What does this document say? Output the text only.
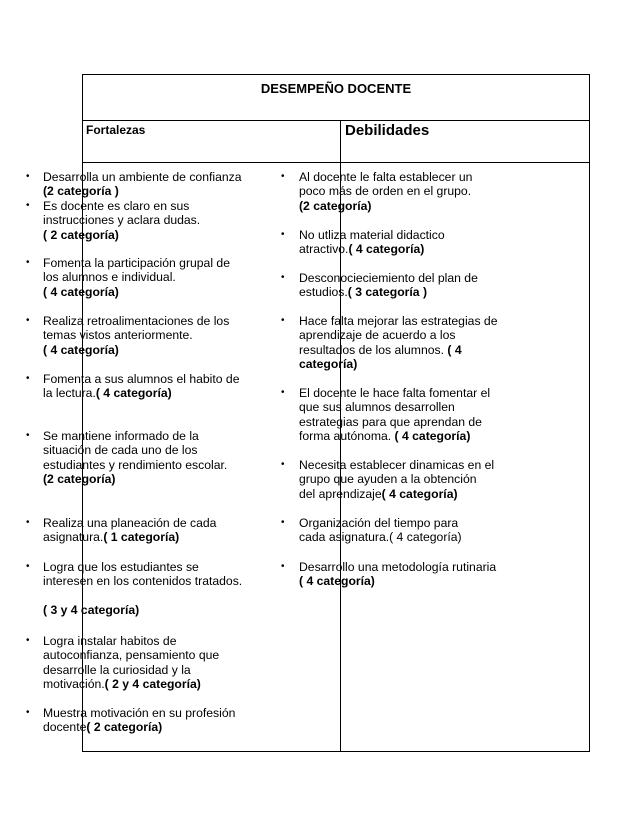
DESEMPEÑO DOCENTE
Fortalezas	Debilidades
• Desarrolla un ambiente de confianza
(2 categoría )
• Es docente es claro en sus
instrucciones y aclara dudas.
( 2 categoría)
• Fomenta la participación grupal de
los alumnos e individual.
( 4 categoría)
• Realiza retroalimentaciones de los
temas vistos anteriormente.
( 4 categoría)
• Fomenta a sus alumnos el habito de
la lectura.( 4 categoría)
• Se mantiene informado de la
situación de cada uno de los
estudiantes y rendimiento escolar.
(2 categoría)
• Realiza una planeación de cada
asignatura.( 1 categoría)
• Logra que los estudiantes se
interesen en los contenidos tratados.
( 3 y 4 categoría)
• Logra instalar habitos de
autoconfianza, pensamiento que
desarrolle la curiosidad y la
motivación.( 2 y 4 categoría)
• Muestra motivación en su profesión
docente( 2 categoría)
• Al docente le falta establecer un
poco más de orden en el grupo.
(2 categoría)
• No utliza material didactico
atractivo.( 4 categoría)
• Desconocieciemiento del plan de
estudios.( 3 categoría )
• Hace falta mejorar las estrategias de
aprendizaje de acuerdo a los
resultados de los alumnos. ( 4
categoría)
• El docente le hace falta fomentar el
que sus alumnos desarrollen
estrategias para que aprendan de
forma autónoma. ( 4 categoría)
• Necesita establecer dinamicas en el
grupo que ayuden a la obtención
del aprendizaje( 4 categoría)
• Organización del tiempo para
cada asignatura.( 4 categoría)
• Desarrollo una metodología rutinaria
( 4 categoría)
